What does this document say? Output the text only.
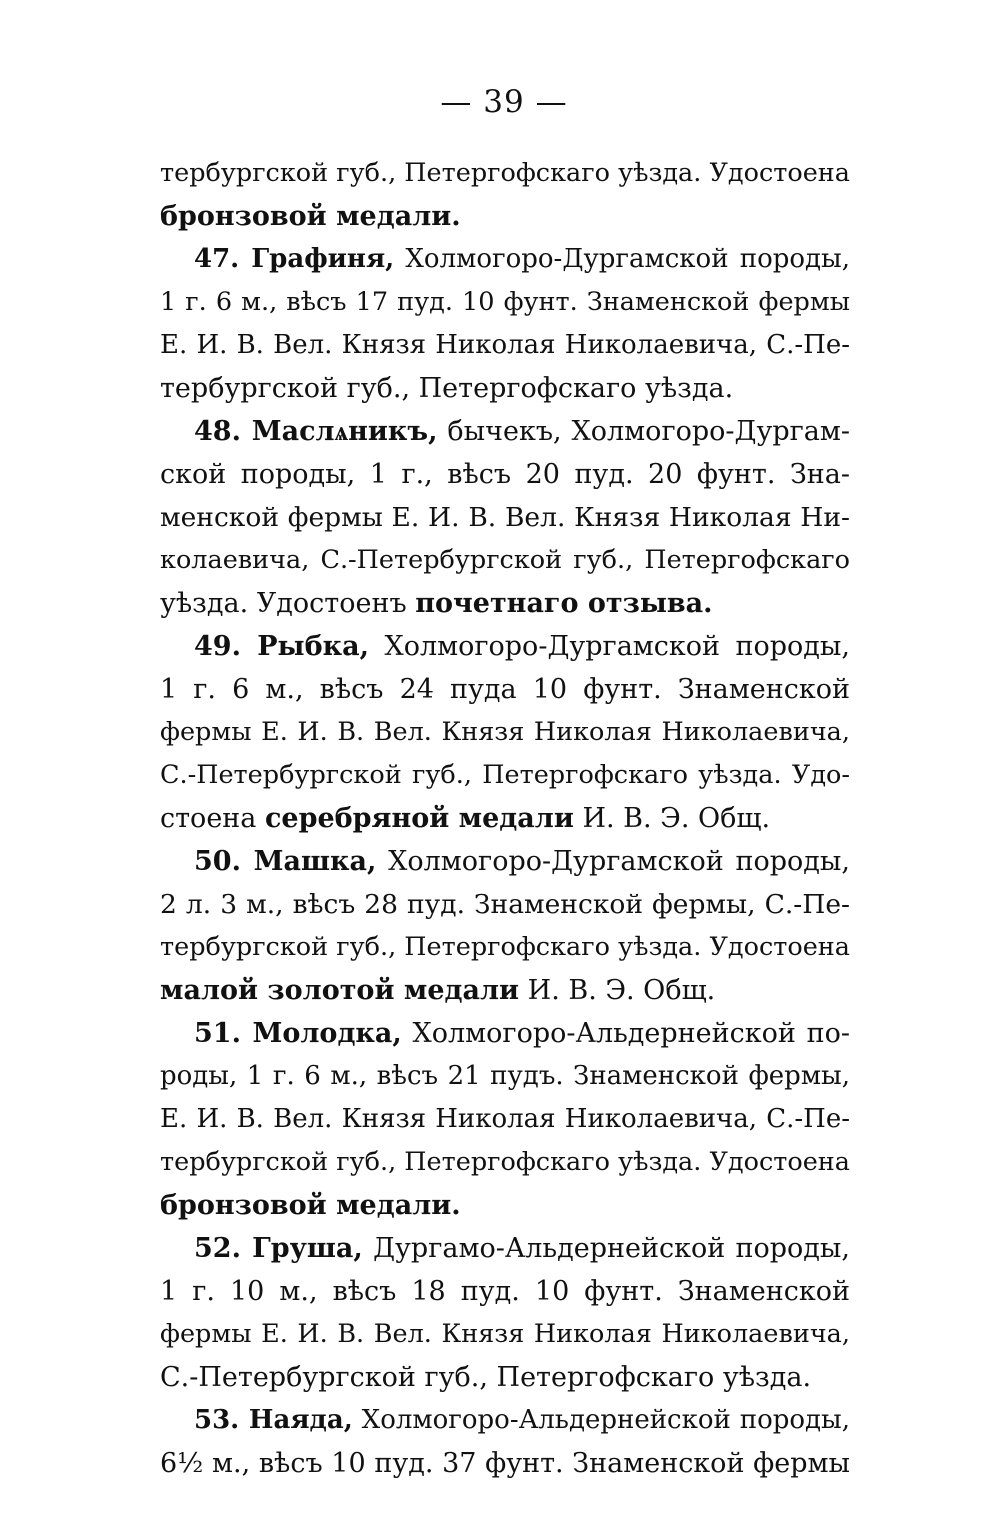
— 39 —
тербургской губ., Петергофскаго уѣзда. Удостоена
бронзовой медали.
47. Графиня, Холмогоро-Дургамской породы,
1 г. 6 м., вѣсъ 17 пуд. 10 фунт. Знаменской фермы
Е. И. В. Вел. Князя Николая Николаевича, С.-Пе-
тербургской губ., Петергофскаго уѣзда.
48. Маслѧникъ, бычекъ, Холмогоро-Дургам-
ской породы, 1 г., вѣсъ 20 пуд. 20 фунт. Зна-
менской фермы Е. И. В. Вел. Князя Николая Ни-
колаевича, С.-Петербургской губ., Петергофскаго
уѣзда. Удостоенъ почетнаго отзыва.
49. Рыбка, Холмогоро-Дургамской породы,
1 г. 6 м., вѣсъ 24 пуда 10 фунт. Знаменской
фермы Е. И. В. Вел. Князя Николая Николаевича,
С.-Петербургской губ., Петергофскаго уѣзда. Удо-
стоена серебряной медали И. В. Э. Общ.
50. Машка, Холмогоро-Дургамской породы,
2 л. 3 м., вѣсъ 28 пуд. Знаменской фермы, С.-Пе-
тербургской губ., Петергофскаго уѣзда. Удостоена
малой золотой медали И. В. Э. Общ.
51. Молодка, Холмогоро-Альдернейской по-
роды, 1 г. 6 м., вѣсъ 21 пудъ. Знаменской фермы,
Е. И. В. Вел. Князя Николая Николаевича, С.-Пе-
тербургской губ., Петергофскаго уѣзда. Удостоена
бронзовой медали.
52. Груша, Дургамо-Альдернейской породы,
1 г. 10 м., вѣсъ 18 пуд. 10 фунт. Знаменской
фермы Е. И. В. Вел. Князя Николая Николаевича,
С.-Петербургской губ., Петергофскаго уѣзда.
53. Наяда, Холмогоро-Альдернейской породы,
6½ м., вѣсъ 10 пуд. 37 фунт. Знаменской фермы
